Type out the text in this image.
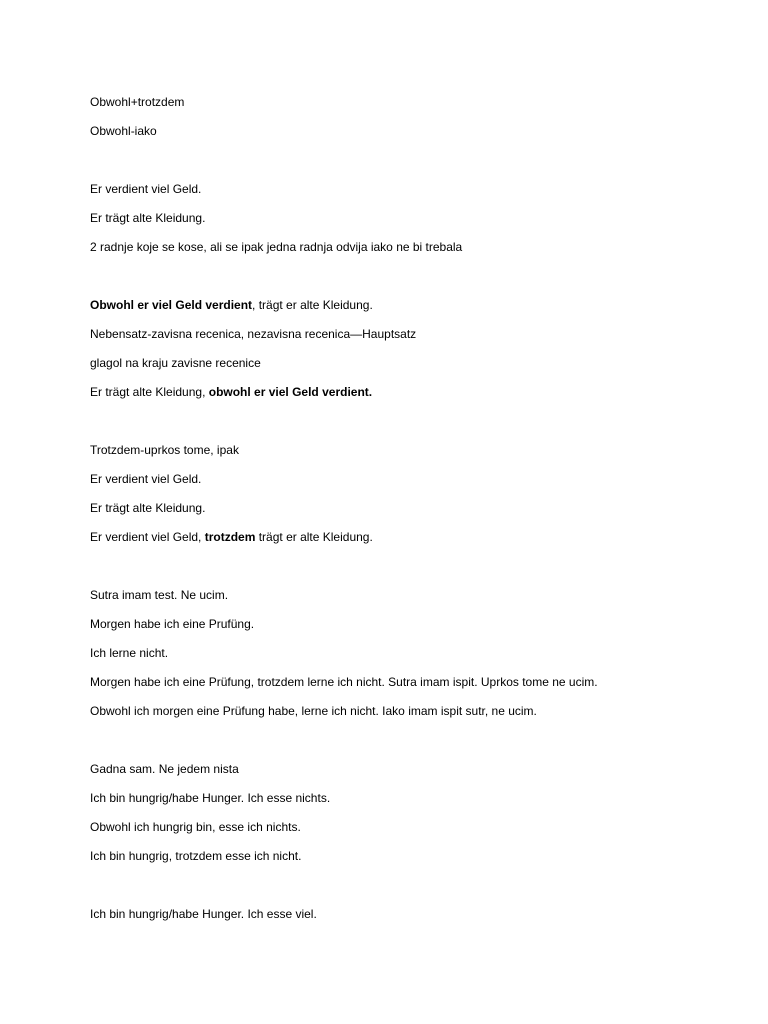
Obwohl+trotzdem
Obwohl-iako
Er verdient viel Geld.
Er trägt alte Kleidung.
2 radnje koje se kose, ali se ipak jedna radnja odvija iako ne bi trebala
Obwohl er viel Geld verdient, trägt er alte Kleidung.
Nebensatz-zavisna recenica, nezavisna recenica—Hauptsatz
glagol na kraju zavisne recenice
Er trägt alte Kleidung, obwohl er viel Geld verdient.
Trotzdem-uprkos tome, ipak
Er verdient viel Geld.
Er trägt alte Kleidung.
Er verdient viel Geld, trotzdem trägt er alte Kleidung.
Sutra imam test. Ne ucim.
Morgen habe ich eine Prufüng.
Ich lerne nicht.
Morgen habe ich eine Prüfung, trotzdem lerne ich nicht. Sutra imam ispit. Uprkos tome ne ucim.
Obwohl ich morgen eine Prüfung habe, lerne ich nicht. Iako imam ispit sutr, ne ucim.
Gadna sam. Ne jedem nista
Ich bin hungrig/habe Hunger. Ich esse nichts.
Obwohl ich hungrig bin, esse ich nichts.
Ich bin hungrig, trotzdem esse ich nicht.
Ich bin hungrig/habe Hunger. Ich esse viel.
